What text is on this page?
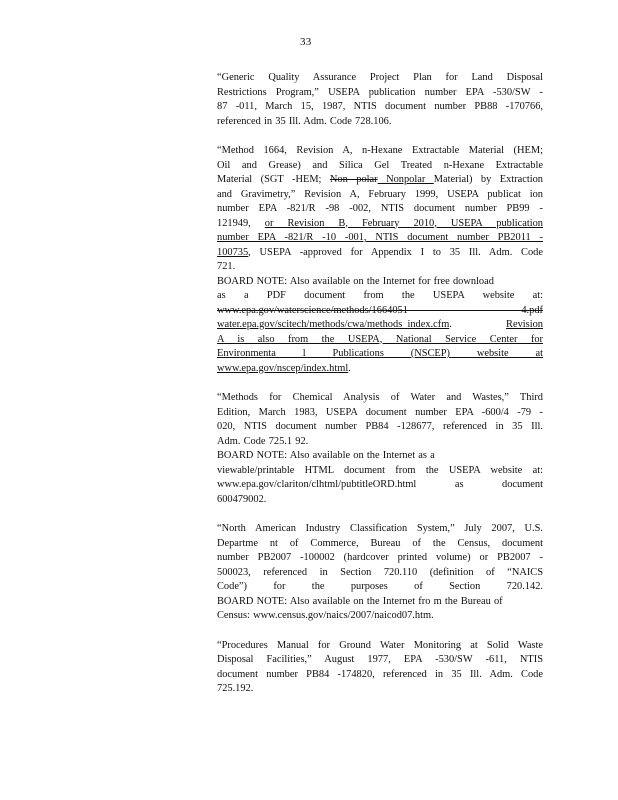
33
“Generic Quality Assurance Project Plan for Land Disposal
Restrictions Program,” USEPA publication number EPA -530/SW -
87 -011, March 15, 1987, NTIS document number PB88 -170766,
referenced in 35 Ill. Adm. Code 728.106.
“Method 1664, Revision A, n-Hexane Extractable Material (HEM;
Oil and Grease) and Silica Gel Treated n-Hexane Extractable
Material (SGT -HEM; Non polar Nonpolar Material) by Extraction
and Gravimetry,” Revision A, February 1999, USEPA publicat ion
number EPA -821/R -98 -002, NTIS document number PB99 -
121949, or Revision B, February 2010, USEPA publication
number EPA -821/R -10 -001, NTIS document number PB2011 -
100735, USEPA -approved for Appendix I to 35 Ill. Adm. Code
721.
BOARD NOTE: Also available on the Internet for free download
as a PDF document from the USEPA website at:
www.epa.gov/waterscience/methods/1664051 4.pdf
water.epa.gov/scitech/methods/cwa/methods_index.cfm. Revision
A is also from the USEPA, National Service Center for
Environmenta l Publications (NSCEP) website at
www.epa.gov/nscep/index.html.
“Methods for Chemical Analysis of Water and Wastes,” Third
Edition, March 1983, USEPA document number EPA -600/4 -79 -
020, NTIS document number PB84 -128677, referenced in 35 Ill.
Adm. Code 725.1 92.
BOARD NOTE: Also available on the Internet as a
viewable/printable HTML document from the USEPA website at:
www.epa.gov/clariton/clhtml/pubtitleORD.html as document
600479002.
“North American Industry Classification System,” July 2007, U.S.
Departme nt of Commerce, Bureau of the Census, document
number PB2007 -100002 (hardcover printed volume) or PB2007 -
500023, referenced in Section 720.110 (definition of “NAICS
Code”) for the purposes of Section 720.142.
BOARD NOTE: Also available on the Internet fro m the Bureau of
Census: www.census.gov/naics/2007/naicod07.htm.
“Procedures Manual for Ground Water Monitoring at Solid Waste
Disposal Facilities,” August 1977, EPA -530/SW -611, NTIS
document number PB84 -174820, referenced in 35 Ill. Adm. Code
725.192.
